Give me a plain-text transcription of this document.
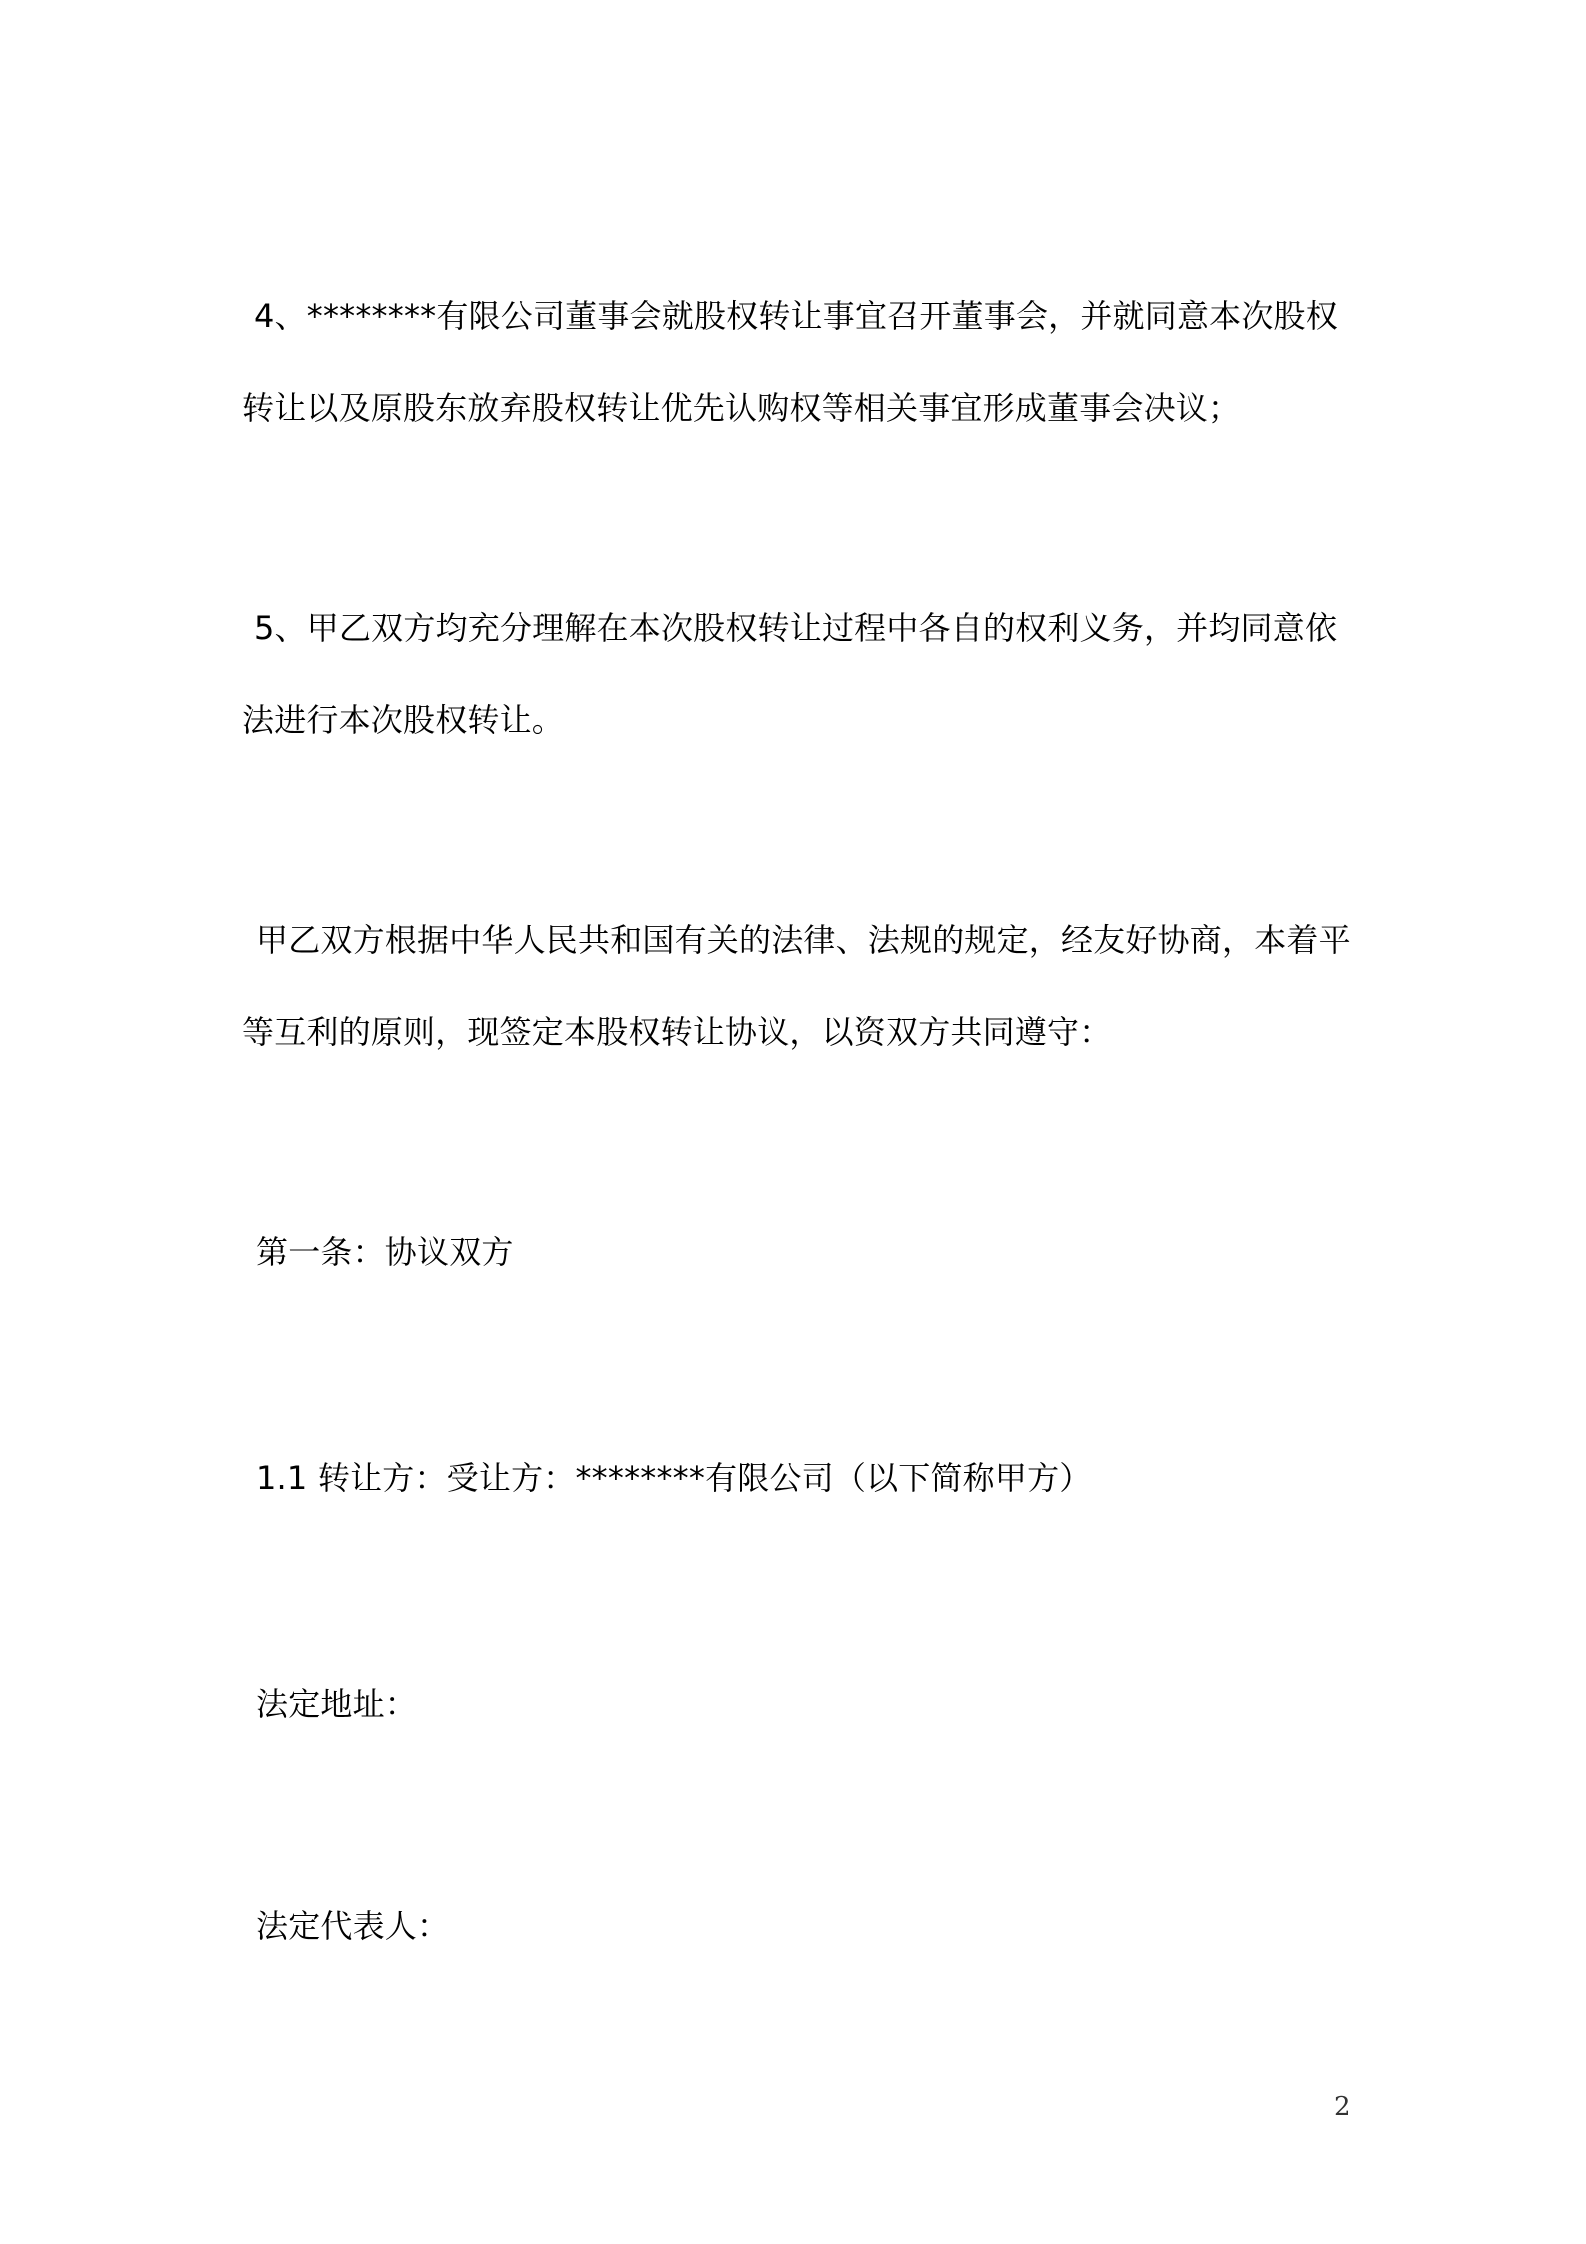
4、********有限公司董事会就股权转让事宜召开董事会，并就同意本次股权
转让以及原股东放弃股权转让优先认购权等相关事宜形成董事会决议；
5、甲乙双方均充分理解在本次股权转让过程中各自的权利义务，并均同意依
法进行本次股权转让。
甲乙双方根据中华人民共和国有关的法律、法规的规定，经友好协商，本着平
等互利的原则，现签定本股权转让协议，以资双方共同遵守：
第一条：协议双方
1.1 转让方：受让方：********有限公司（以下简称甲方）
法定地址：
法定代表人：
2
